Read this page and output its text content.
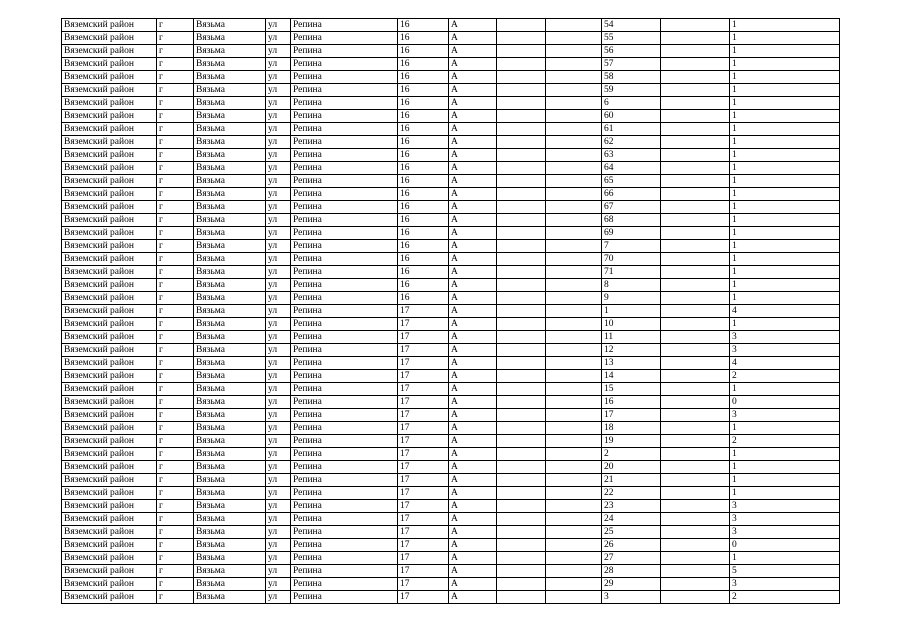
Вяземский район	г	Вязьма	ул	Репина	16	А			54		1
Вяземский район	г	Вязьма	ул	Репина	16	А			55		1
Вяземский район	г	Вязьма	ул	Репина	16	А			56		1
Вяземский район	г	Вязьма	ул	Репина	16	А			57		1
Вяземский район	г	Вязьма	ул	Репина	16	А			58		1
Вяземский район	г	Вязьма	ул	Репина	16	А			59		1
Вяземский район	г	Вязьма	ул	Репина	16	А			6		1
Вяземский район	г	Вязьма	ул	Репина	16	А			60		1
Вяземский район	г	Вязьма	ул	Репина	16	А			61		1
Вяземский район	г	Вязьма	ул	Репина	16	А			62		1
Вяземский район	г	Вязьма	ул	Репина	16	А			63		1
Вяземский район	г	Вязьма	ул	Репина	16	А			64		1
Вяземский район	г	Вязьма	ул	Репина	16	А			65		1
Вяземский район	г	Вязьма	ул	Репина	16	А			66		1
Вяземский район	г	Вязьма	ул	Репина	16	А			67		1
Вяземский район	г	Вязьма	ул	Репина	16	А			68		1
Вяземский район	г	Вязьма	ул	Репина	16	А			69		1
Вяземский район	г	Вязьма	ул	Репина	16	А			7		1
Вяземский район	г	Вязьма	ул	Репина	16	А			70		1
Вяземский район	г	Вязьма	ул	Репина	16	А			71		1
Вяземский район	г	Вязьма	ул	Репина	16	А			8		1
Вяземский район	г	Вязьма	ул	Репина	16	А			9		1
Вяземский район	г	Вязьма	ул	Репина	17	А			1		4
Вяземский район	г	Вязьма	ул	Репина	17	А			10		1
Вяземский район	г	Вязьма	ул	Репина	17	А			11		3
Вяземский район	г	Вязьма	ул	Репина	17	А			12		3
Вяземский район	г	Вязьма	ул	Репина	17	А			13		4
Вяземский район	г	Вязьма	ул	Репина	17	А			14		2
Вяземский район	г	Вязьма	ул	Репина	17	А			15		1
Вяземский район	г	Вязьма	ул	Репина	17	А			16		0
Вяземский район	г	Вязьма	ул	Репина	17	А			17		3
Вяземский район	г	Вязьма	ул	Репина	17	А			18		1
Вяземский район	г	Вязьма	ул	Репина	17	А			19		2
Вяземский район	г	Вязьма	ул	Репина	17	А			2		1
Вяземский район	г	Вязьма	ул	Репина	17	А			20		1
Вяземский район	г	Вязьма	ул	Репина	17	А			21		1
Вяземский район	г	Вязьма	ул	Репина	17	А			22		1
Вяземский район	г	Вязьма	ул	Репина	17	А			23		3
Вяземский район	г	Вязьма	ул	Репина	17	А			24		3
Вяземский район	г	Вязьма	ул	Репина	17	А			25		3
Вяземский район	г	Вязьма	ул	Репина	17	А			26		0
Вяземский район	г	Вязьма	ул	Репина	17	А			27		1
Вяземский район	г	Вязьма	ул	Репина	17	А			28		5
Вяземский район	г	Вязьма	ул	Репина	17	А			29		3
Вяземский район	г	Вязьма	ул	Репина	17	А			3		2
